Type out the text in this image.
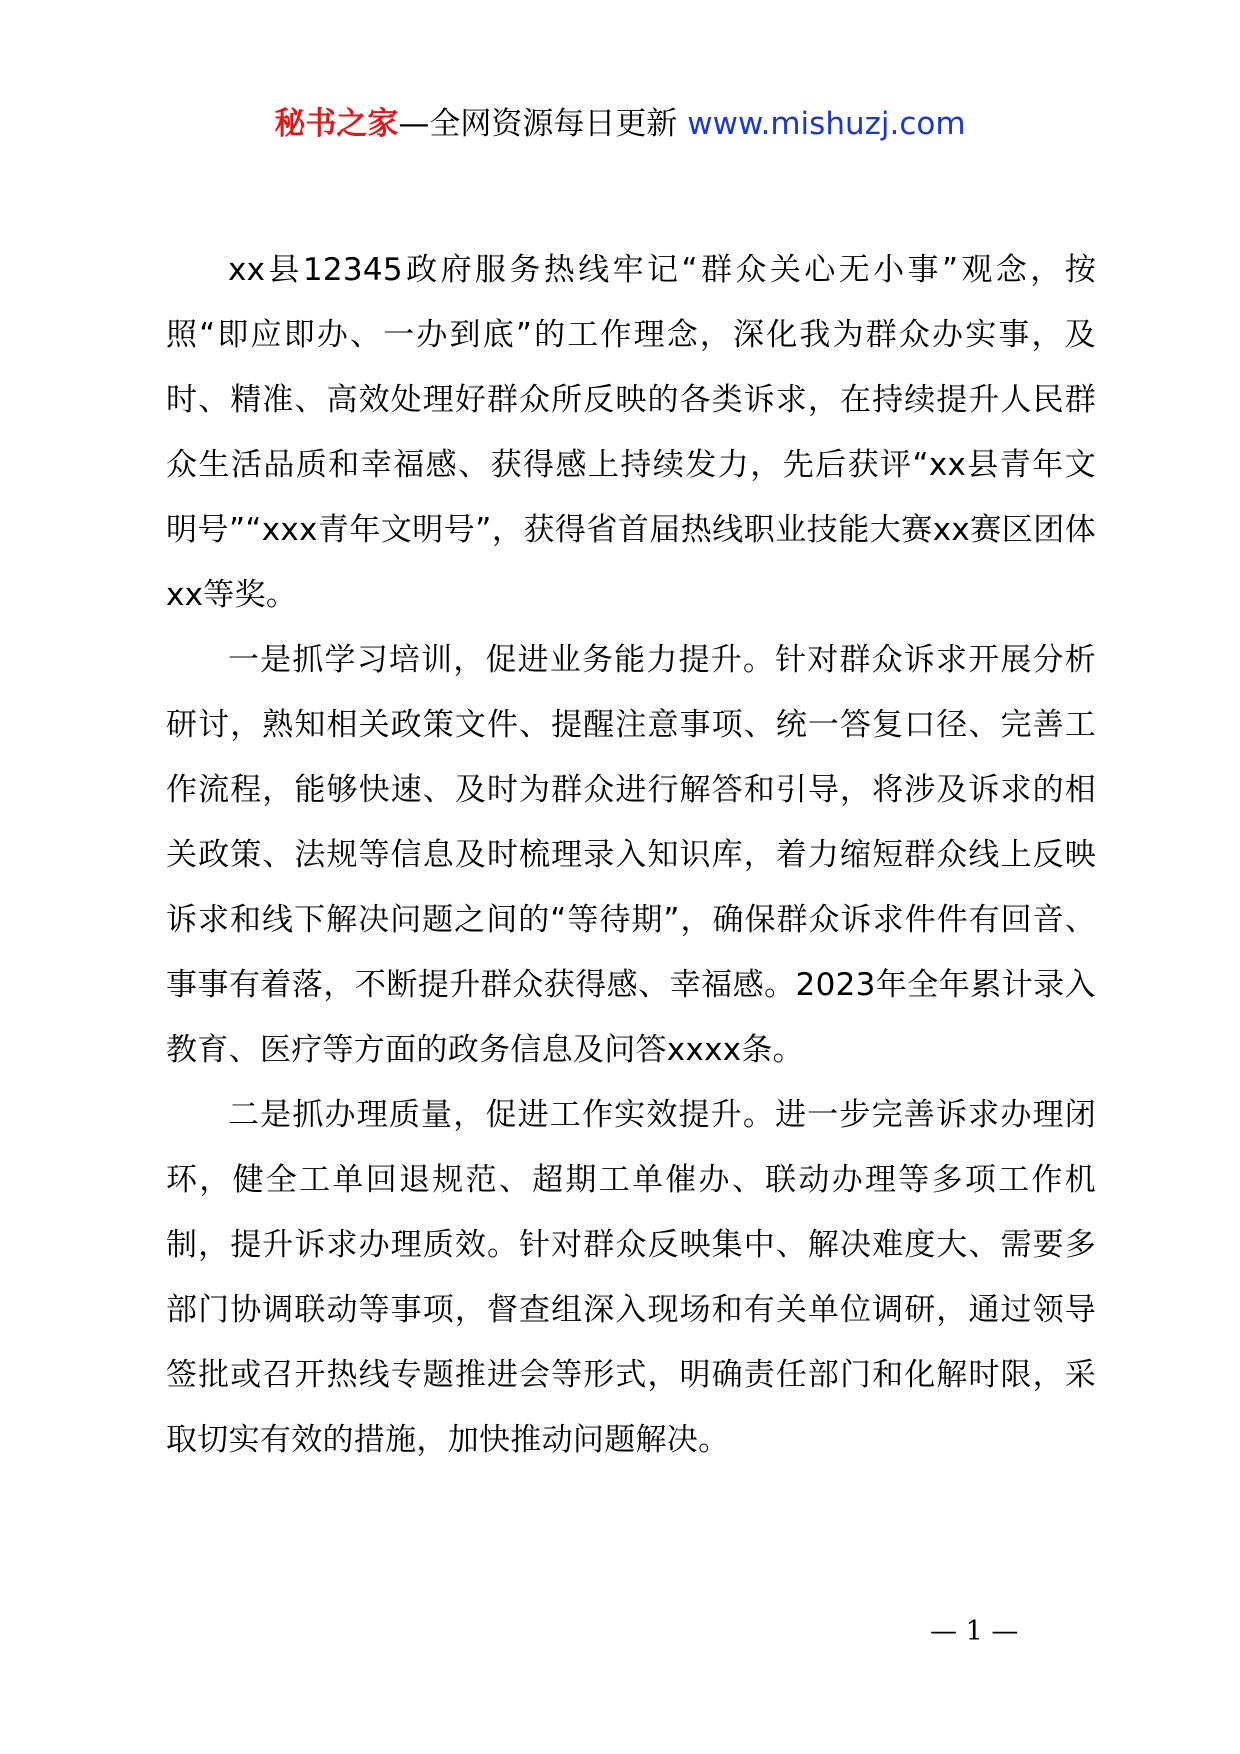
秘书之家—全网资源每日更新 www.mishuzj.com

xx县12345政府服务热线牢记“群众关心无小事”观念，按照“即应即办、一办到底”的工作理念，深化我为群众办实事，及时、精准、高效处理好群众所反映的各类诉求，在持续提升人民群众生活品质和幸福感、获得感上持续发力，先后获评“xx县青年文明号”“xxx青年文明号”，获得省首届热线职业技能大赛xx赛区团体xx等奖。

一是抓学习培训，促进业务能力提升。针对群众诉求开展分析研讨，熟知相关政策文件、提醒注意事项、统一答复口径、完善工作流程，能够快速、及时为群众进行解答和引导，将涉及诉求的相关政策、法规等信息及时梳理录入知识库，着力缩短群众线上反映诉求和线下解决问题之间的“等待期”，确保群众诉求件件有回音、事事有着落，不断提升群众获得感、幸福感。2023年全年累计录入教育、医疗等方面的政务信息及问答xxxx条。

二是抓办理质量，促进工作实效提升。进一步完善诉求办理闭环，健全工单回退规范、超期工单催办、联动办理等多项工作机制，提升诉求办理质效。针对群众反映集中、解决难度大、需要多部门协调联动等事项，督查组深入现场和有关单位调研，通过领导签批或召开热线专题推进会等形式，明确责任部门和化解时限，采取切实有效的措施，加快推动问题解决。

— 1 —
